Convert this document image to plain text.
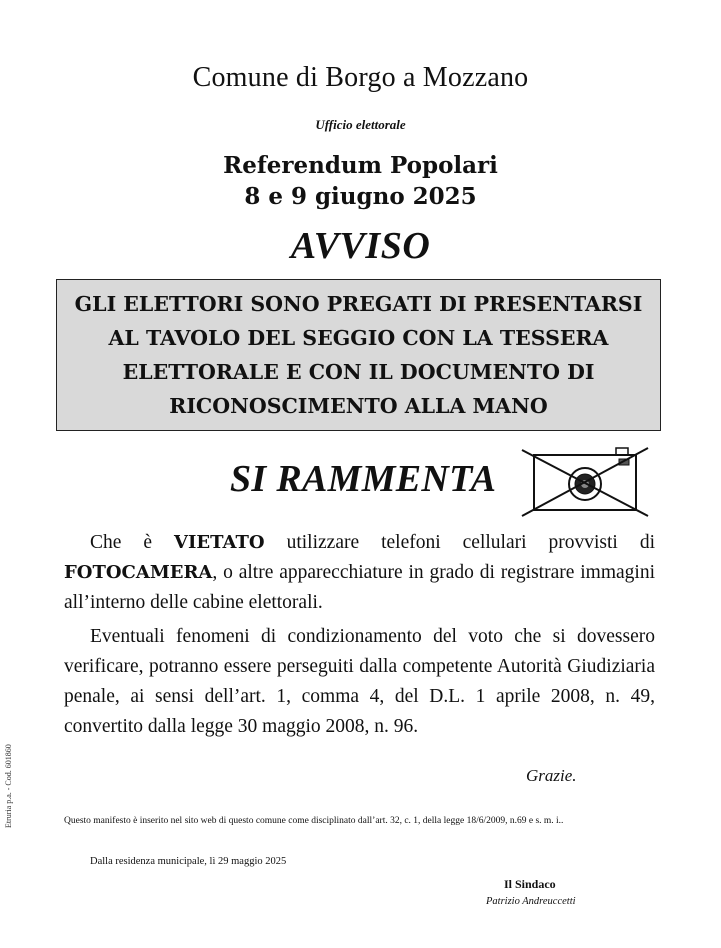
Comune di Borgo a Mozzano
Ufficio elettorale
Referendum Popolari
8 e 9 giugno 2025
AVVISO
GLI ELETTORI SONO PREGATI DI PRESENTARSI
AL TAVOLO DEL SEGGIO CON LA TESSERA
ELETTORALE E CON IL DOCUMENTO DI
RICONOSCIMENTO ALLA MANO
SI RAMMENTA
Che è VIETATO utilizzare telefoni cellulari provvisti di FOTOCAMERA, o altre apparecchiature in grado di registrare immagini all’interno delle cabine elettorali.
Eventuali fenomeni di condizionamento del voto che si dovessero verificare, potranno essere perseguiti dalla competente Autorità Giudiziaria penale, ai sensi dell’art. 1, comma 4, del D.L. 1 aprile 2008, n. 49, convertito dalla legge 30 maggio 2008, n. 96.
Grazie.
Questo manifesto è inserito nel sito web di questo comune come disciplinato dall’art. 32, c. 1, della legge 18/6/2009, n.69 e s. m. i..
Dalla residenza municipale, lì 29 maggio 2025
Il Sindaco
Patrizio Andreuccetti
Etruria p.a. - Cod. 601860
